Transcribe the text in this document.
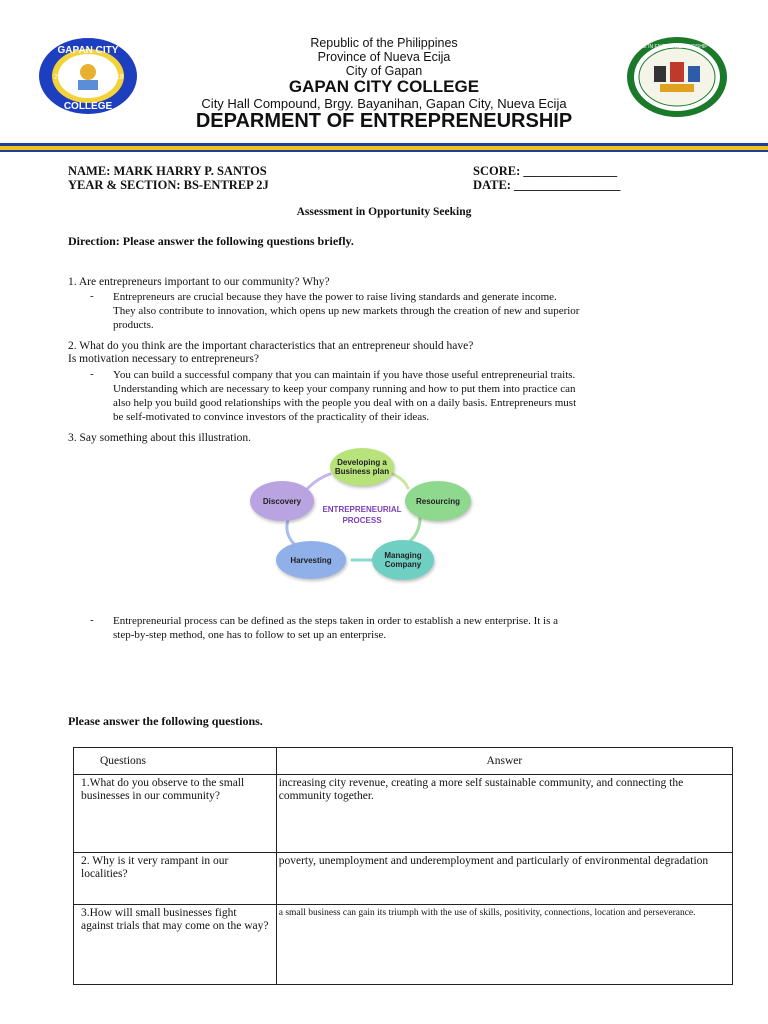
GAPAN CITY
COLLEGE
20	18
BACHELOR OF SCIENCE IN ENTREPRENEURSHIP · GAPAN CITY COLLEGE
Republic of the Philippines
Province of Nueva Ecija
City of Gapan
GAPAN CITY COLLEGE
City Hall Compound, Brgy. Bayanihan, Gapan City, Nueva Ecija
DEPARMENT OF ENTREPRENEURSHIP
NAME: MARK HARRY P. SANTOS
YEAR & SECTION: BS-ENTREP 2J
SCORE: _______________
DATE: _________________
Assessment in Opportunity Seeking
Direction: Please answer the following questions briefly.
1. Are entrepreneurs important to our community? Why?
- Entrepreneurs are crucial because they have the power to raise living standards and generate income.
They also contribute to innovation, which opens up new markets through the creation of new and superior
products.
2. What do you think are the important characteristics that an entrepreneur should have?
Is motivation necessary to entrepreneurs?
- You can build a successful company that you can maintain if you have those useful entrepreneurial traits.
Understanding which are necessary to keep your company running and how to put them into practice can
also help you build good relationships with the people you deal with on a daily basis. Entrepreneurs must
be self-motivated to convince investors of the practicality of their ideas.
3. Say something about this illustration.
ENTREPRENEURIAL
PROCESS
Developing a Business plan
Resourcing
Managing Company
Harvesting
Discovery
- Entrepreneurial process can be defined as the steps taken in order to establish a new enterprise. It is a
step-by-step method, one has to follow to set up an enterprise.
Please answer the following questions.
Questions	Answer
1.What do you observe to the small businesses in our community?	increasing city revenue, creating a more self sustainable community, and connecting the community together.
2. Why is it very rampant in our localities?	poverty, unemployment and underemployment and particularly of environmental degradation
3.How will small businesses fight against trials that may come on the way?	a small business can gain its triumph with the use of skills, positivity, connections, location and perseverance.
